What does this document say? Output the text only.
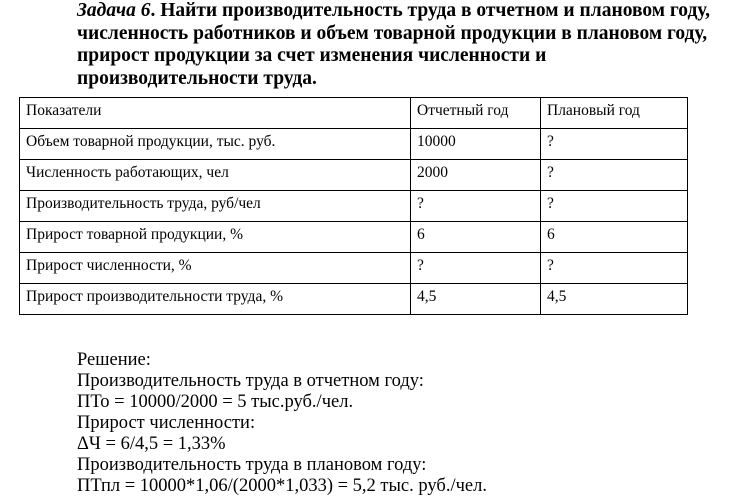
Задача 6. Найти производительность труда в отчетном и плановом году, численность работников и объем товарной продукции в плановом году, прирост продукции за счет изменения численности и производительности труда.
Показатели	Отчетный год	Плановый год
Объем товарной продукции, тыс. руб.	10000	?
Численность работающих, чел	2000	?
Производительность труда, руб/чел	?	?
Прирост товарной продукции, %	6	6
Прирост численности, %	?	?
Прирост производительности труда, %	4,5	4,5
Решение:
Производительность труда в отчетном году:
ПТо = 10000/2000 = 5 тыс.руб./чел.
Прирост численности:
ΔЧ = 6/4,5 = 1,33%
Производительность труда в плановом году:
ПТпл = 10000*1,06/(2000*1,033) = 5,2 тыс. руб./чел.
